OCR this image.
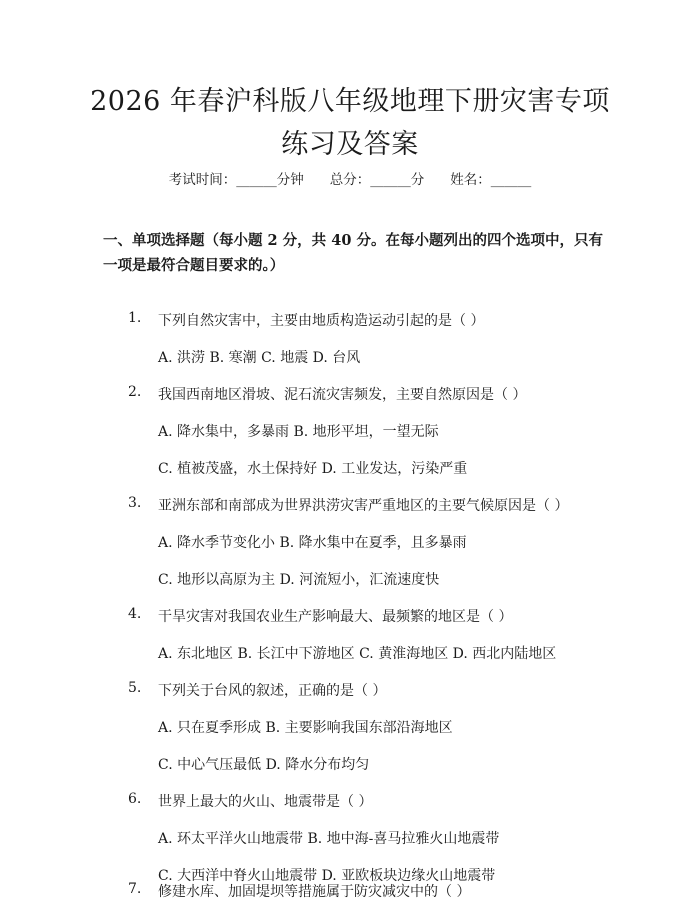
2026 年春沪科版八年级地理下册灾害专项练习及答案
考试时间：______分钟 总分：______分 姓名：______
一、单项选择题（每小题 2 分，共 40 分。在每小题列出的四个选项中，只有一项是最符合题目要求的。）
1. 下列自然灾害中，主要由地质构造运动引起的是（ ）
A. 洪涝 B. 寒潮 C. 地震 D. 台风
2. 我国西南地区滑坡、泥石流灾害频发，主要自然原因是（ ）
A. 降水集中，多暴雨 B. 地形平坦，一望无际
C. 植被茂盛，水土保持好 D. 工业发达，污染严重
3. 亚洲东部和南部成为世界洪涝灾害严重地区的主要气候原因是（ ）
A. 降水季节变化小 B. 降水集中在夏季，且多暴雨
C. 地形以高原为主 D. 河流短小，汇流速度快
4. 干旱灾害对我国农业生产影响最大、最频繁的地区是（ ）
A. 东北地区 B. 长江中下游地区 C. 黄淮海地区 D. 西北内陆地区
5. 下列关于台风的叙述，正确的是（ ）
A. 只在夏季形成 B. 主要影响我国东部沿海地区
C. 中心气压最低 D. 降水分布均匀
6. 世界上最大的火山、地震带是（ ）
A. 环太平洋火山地震带 B. 地中海-喜马拉雅火山地震带
C. 大西洋中脊火山地震带 D. 亚欧板块边缘火山地震带
7. 修建水库、加固堤坝等措施属于防灾减灾中的（ ）
